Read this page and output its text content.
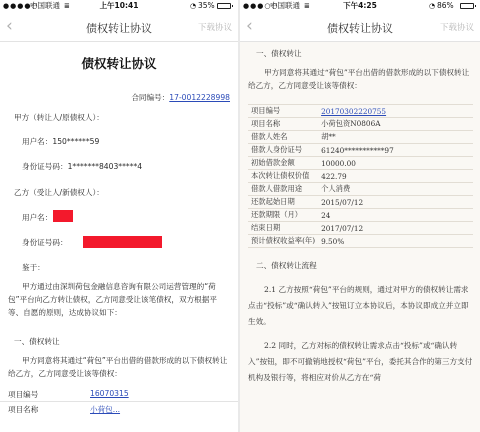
●●●●○
中国联通 ≣	上午10:41	◔ 35%
‹	债权转让协议	下载协议
债权转让协议
合同编号：17-0012228998
甲方（转让人/原债权人）：
用户名：150******59
身份证号码：1*******8403*****4
乙方（受让人/新债权人）：
用户名：
身份证号码：
鉴于：
甲方通过由深圳荷包金融信息咨询有限公司运营管理的“荷包”平台向乙方转让债权，乙方同意受让该笔债权，双方根据平等、自愿的原则，达成协议如下：
一、债权转让
甲方同意将其通过“荷包”平台出借的借款形成的以下债权转让给乙方，乙方同意受让该等债权：
项目编号	16070315
项目名称	小荷包...
●●●○○
中国联通 ≣	下午4:25	◔ 86%
‹	债权转让协议	下载协议
一、债权转让
甲方同意将其通过“荷包”平台出借的借款形成的以下债权转让给乙方，乙方同意受让该等债权：
项目编号	20170302220755
项目名称	小荷包资N0806A
借款人姓名	胡**
借款人身份证号	61240***********97
初始借款金额	10000.00
本次转让债权价值	422.79
借款人借款用途	个人消费
还款起始日期	2015/07/12
还款期限（月）	24
结束日期	2017/07/12
预计债权收益率(年)	9.50%
二、债权转让流程
2.1 乙方按照“荷包”平台的规则，通过对甲方的债权转让需求点击“投标”或“确认转入”按钮订立本协议后，本协议即成立并立即生效。
2.2 同时，乙方对标的债权转让需求点击“投标”或“确认转入”按钮，即不可撤销地授权“荷包”平台，委托其合作的第三方支付机构及银行等，将相应对价从乙方在“荷
